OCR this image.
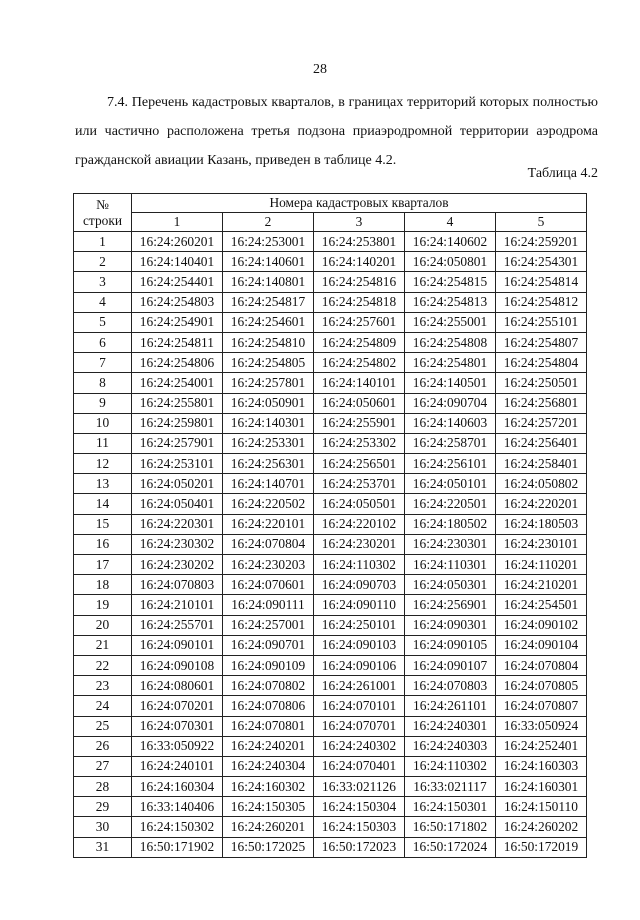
28
7.4. Перечень кадастровых кварталов, в границах территорий которых полностью или частично расположена третья подзона приаэродромной территории аэродрома гражданской авиации Казань, приведен в таблице 4.2.
Таблица 4.2
№
строки	Номера кадастровых кварталов				
	1	2	3	4	5
1	16:24:260201	16:24:253001	16:24:253801	16:24:140602	16:24:259201
2	16:24:140401	16:24:140601	16:24:140201	16:24:050801	16:24:254301
3	16:24:254401	16:24:140801	16:24:254816	16:24:254815	16:24:254814
4	16:24:254803	16:24:254817	16:24:254818	16:24:254813	16:24:254812
5	16:24:254901	16:24:254601	16:24:257601	16:24:255001	16:24:255101
6	16:24:254811	16:24:254810	16:24:254809	16:24:254808	16:24:254807
7	16:24:254806	16:24:254805	16:24:254802	16:24:254801	16:24:254804
8	16:24:254001	16:24:257801	16:24:140101	16:24:140501	16:24:250501
9	16:24:255801	16:24:050901	16:24:050601	16:24:090704	16:24:256801
10	16:24:259801	16:24:140301	16:24:255901	16:24:140603	16:24:257201
11	16:24:257901	16:24:253301	16:24:253302	16:24:258701	16:24:256401
12	16:24:253101	16:24:256301	16:24:256501	16:24:256101	16:24:258401
13	16:24:050201	16:24:140701	16:24:253701	16:24:050101	16:24:050802
14	16:24:050401	16:24:220502	16:24:050501	16:24:220501	16:24:220201
15	16:24:220301	16:24:220101	16:24:220102	16:24:180502	16:24:180503
16	16:24:230302	16:24:070804	16:24:230201	16:24:230301	16:24:230101
17	16:24:230202	16:24:230203	16:24:110302	16:24:110301	16:24:110201
18	16:24:070803	16:24:070601	16:24:090703	16:24:050301	16:24:210201
19	16:24:210101	16:24:090111	16:24:090110	16:24:256901	16:24:254501
20	16:24:255701	16:24:257001	16:24:250101	16:24:090301	16:24:090102
21	16:24:090101	16:24:090701	16:24:090103	16:24:090105	16:24:090104
22	16:24:090108	16:24:090109	16:24:090106	16:24:090107	16:24:070804
23	16:24:080601	16:24:070802	16:24:261001	16:24:070803	16:24:070805
24	16:24:070201	16:24:070806	16:24:070101	16:24:261101	16:24:070807
25	16:24:070301	16:24:070801	16:24:070701	16:24:240301	16:33:050924
26	16:33:050922	16:24:240201	16:24:240302	16:24:240303	16:24:252401
27	16:24:240101	16:24:240304	16:24:070401	16:24:110302	16:24:160303
28	16:24:160304	16:24:160302	16:33:021126	16:33:021117	16:24:160301
29	16:33:140406	16:24:150305	16:24:150304	16:24:150301	16:24:150110
30	16:24:150302	16:24:260201	16:24:150303	16:50:171802	16:24:260202
31	16:50:171902	16:50:172025	16:50:172023	16:50:172024	16:50:172019
